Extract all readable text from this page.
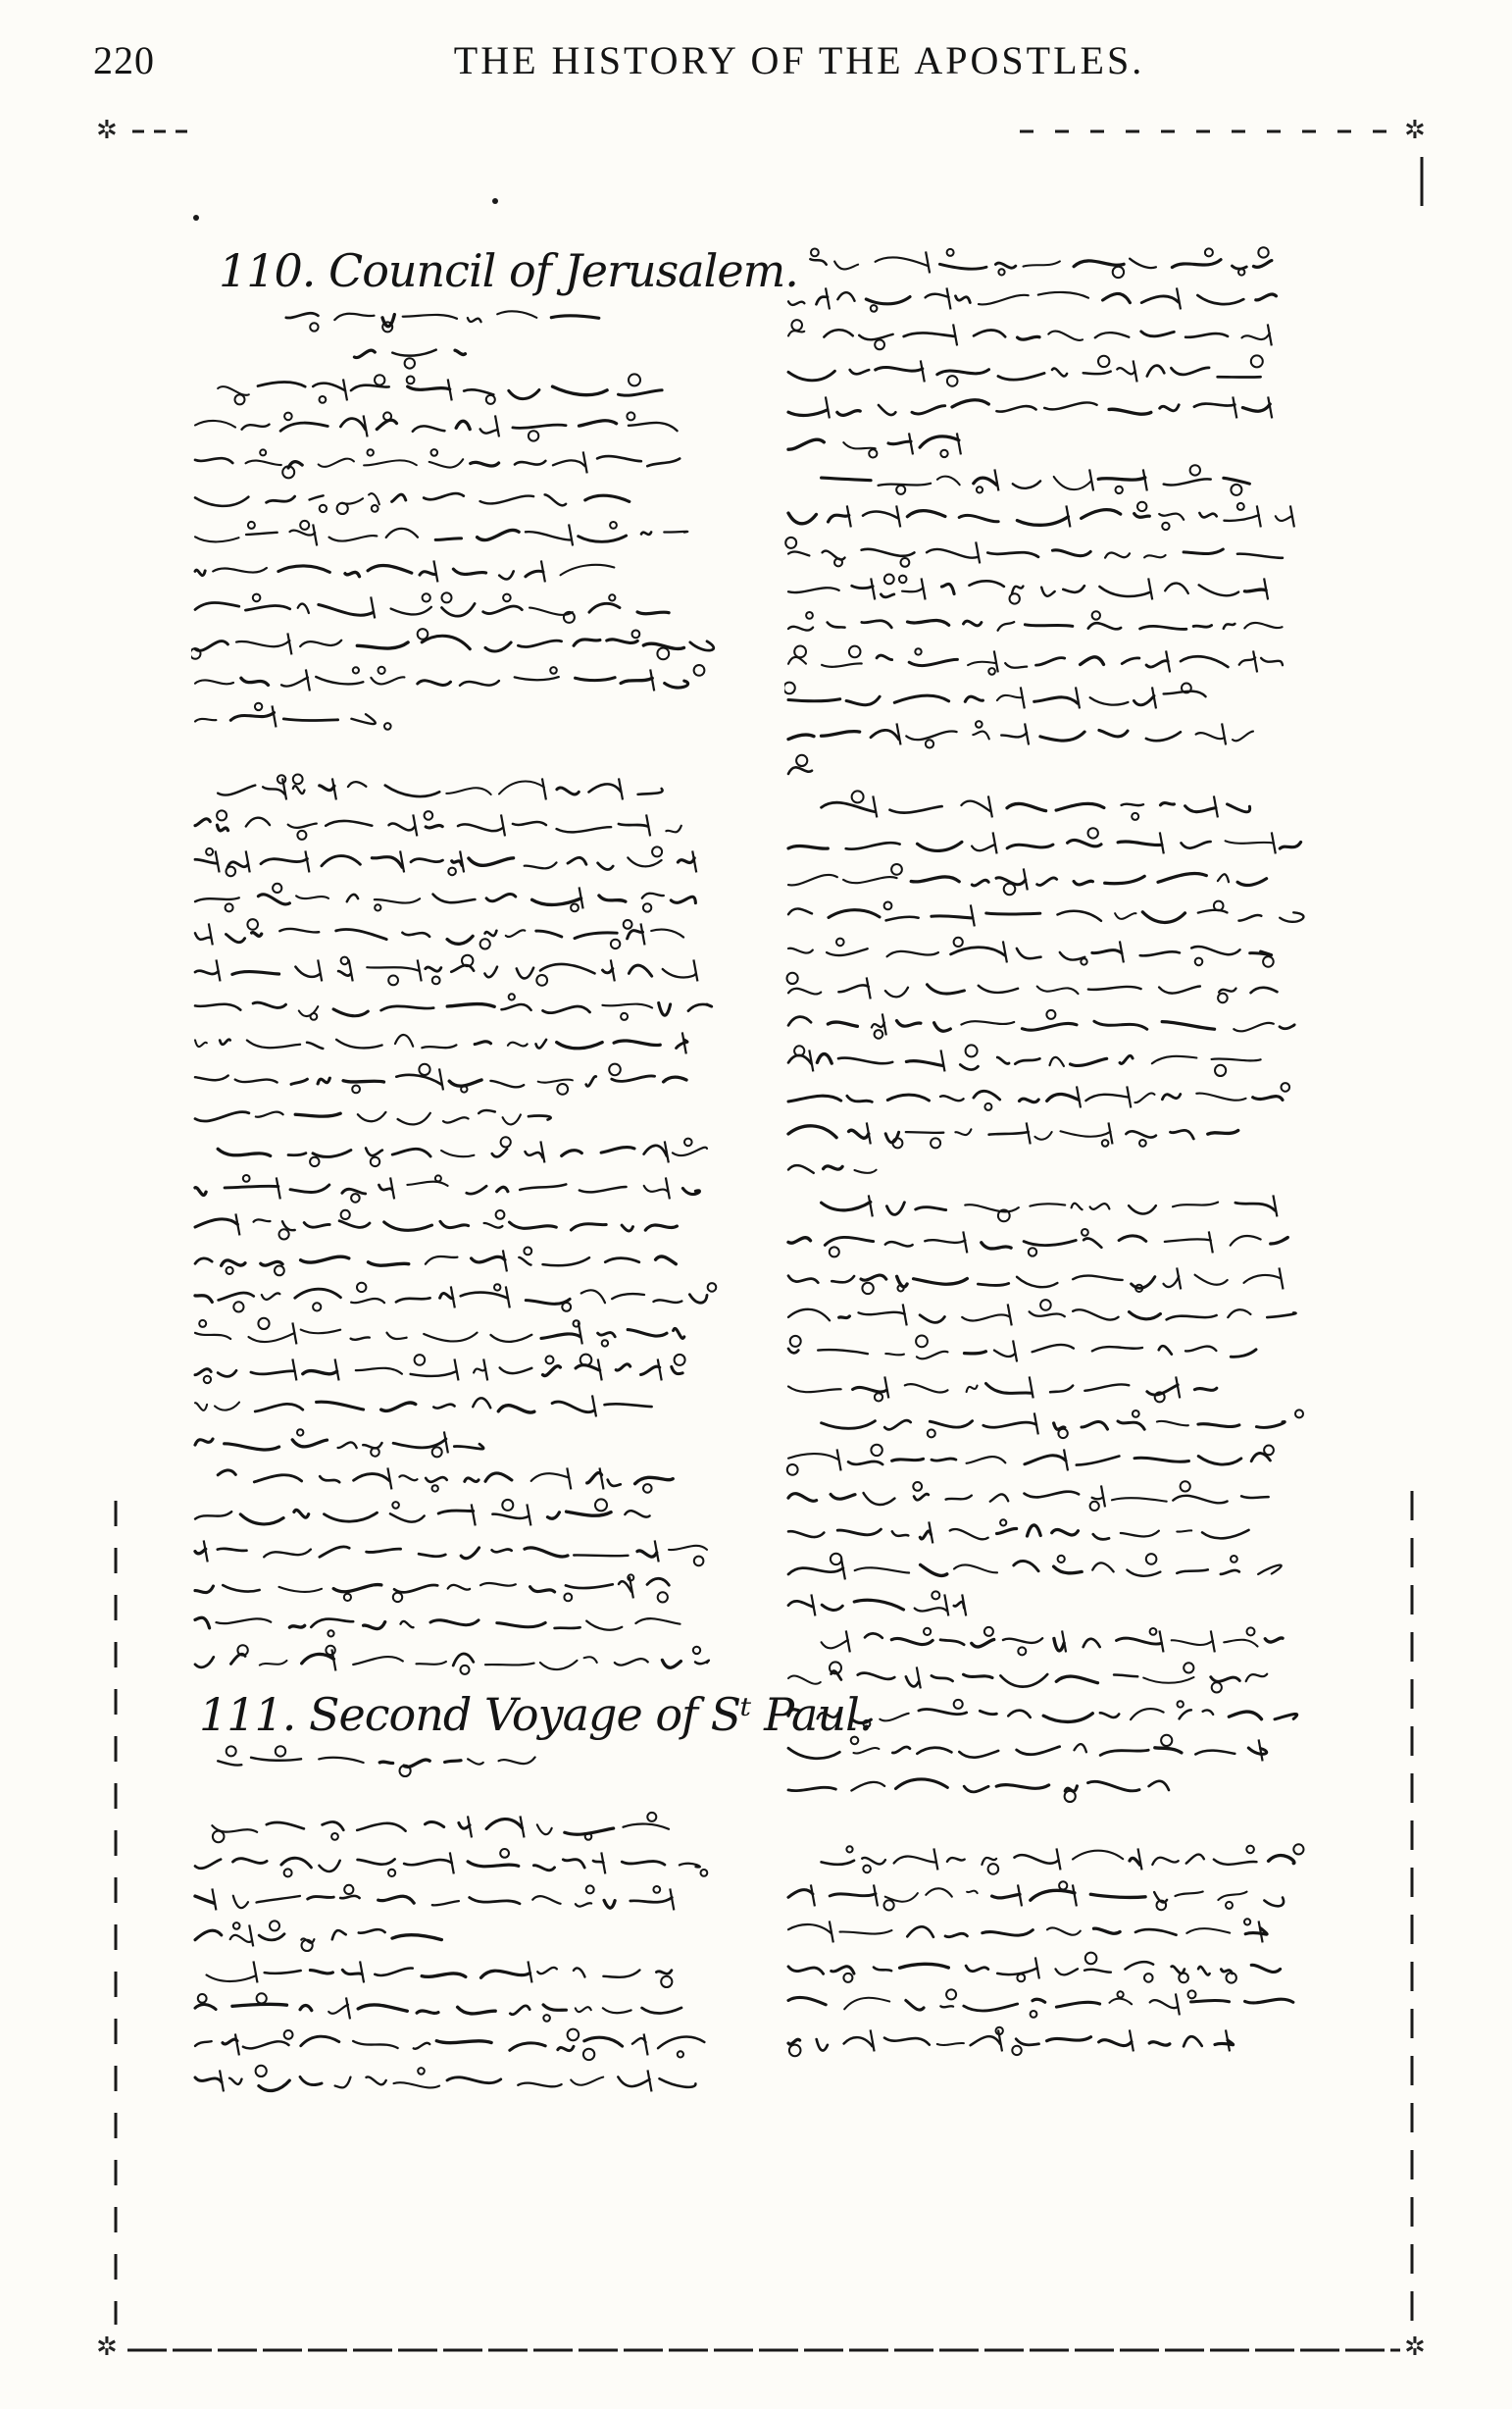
220	THE HISTORY OF THE APOSTLES.
✲	✲
✲	✲
110. Council of Jerusalem.
111. Second Voyage of Sᵗ Paul.
